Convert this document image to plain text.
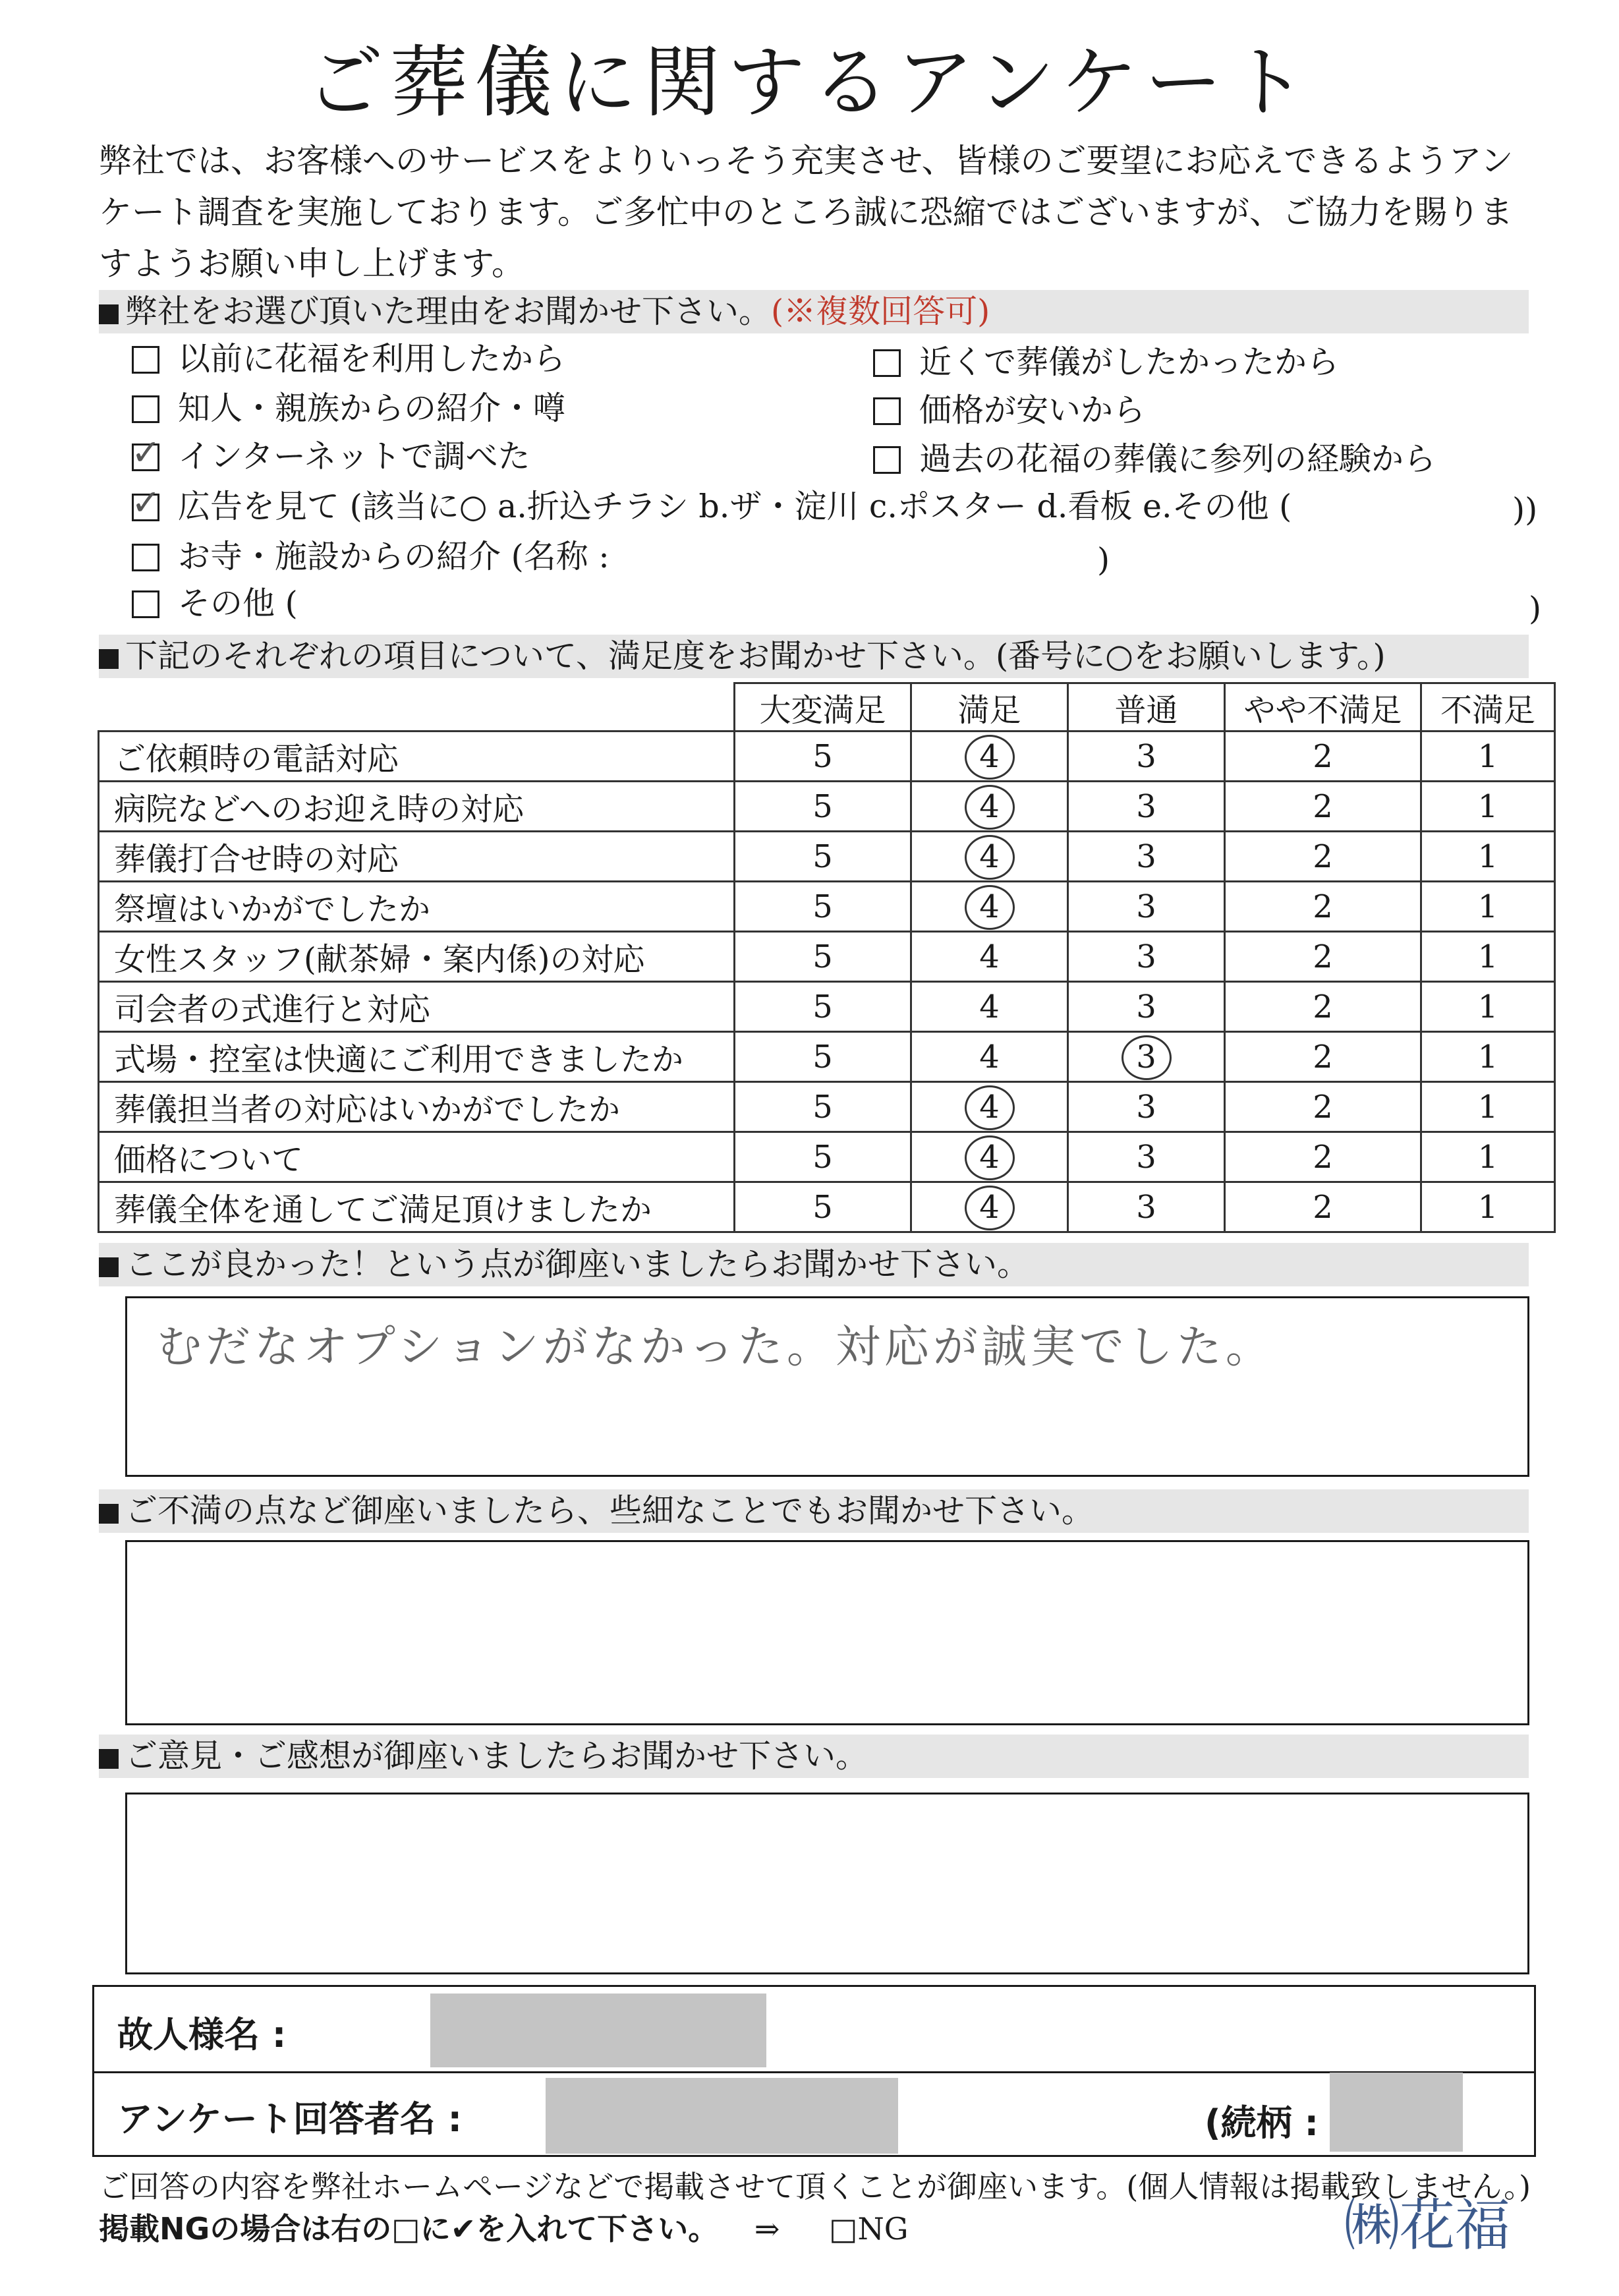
ご葬儀に関するアンケート
弊社では、お客様へのサービスをよりいっそう充実させ、皆様のご要望にお応えできるようアンケート調査を実施しております。ご多忙中のところ誠に恐縮ではございますが、ご協力を賜りますようお願い申し上げます。
弊社をお選び頂いた理由をお聞かせ下さい。(※複数回答可)
以前に花福を利用したから
知人・親族からの紹介・噂
✓インターネットで調べた
✓広告を見て (該当に○ a.折込チラシ b.ザ・淀川 c.ポスター d.看板 e.その他 (	))
お寺・施設からの紹介 (名称 :	)
その他 (	)
近くで葬儀がしたかったから
価格が安いから
過去の花福の葬儀に参列の経験から
下記のそれぞれの項目について、満足度をお聞かせ下さい。(番号に○をお願いします。)
	大変満足	満足	普通	やや不満足	不満足
ご依頼時の電話対応	5	4	3	2	1
病院などへのお迎え時の対応	5	4	3	2	1
葬儀打合せ時の対応	5	4	3	2	1
祭壇はいかがでしたか	5	4	3	2	1
女性スタッフ(献茶婦・案内係)の対応	5	4	3	2	1
司会者の式進行と対応	5	4	3	2	1
式場・控室は快適にご利用できましたか	5	4	3	2	1
葬儀担当者の対応はいかがでしたか	5	4	3	2	1
価格について	5	4	3	2	1
葬儀全体を通してご満足頂けましたか	5	4	3	2	1
ここが良かった！という点が御座いましたらお聞かせ下さい。
むだなオプションがなかった。対応が誠実でした。
ご不満の点など御座いましたら、些細なことでもお聞かせ下さい。
ご意見・ご感想が御座いましたらお聞かせ下さい。
故人様名 :
アンケート回答者名 :	(続柄 :
ご回答の内容を弊社ホームページなどで掲載させて頂くことが御座います。(個人情報は掲載致しません。)
掲載NGの場合は右の□に✔を入れて下さい。 ⇒ □NG	㈱花福
